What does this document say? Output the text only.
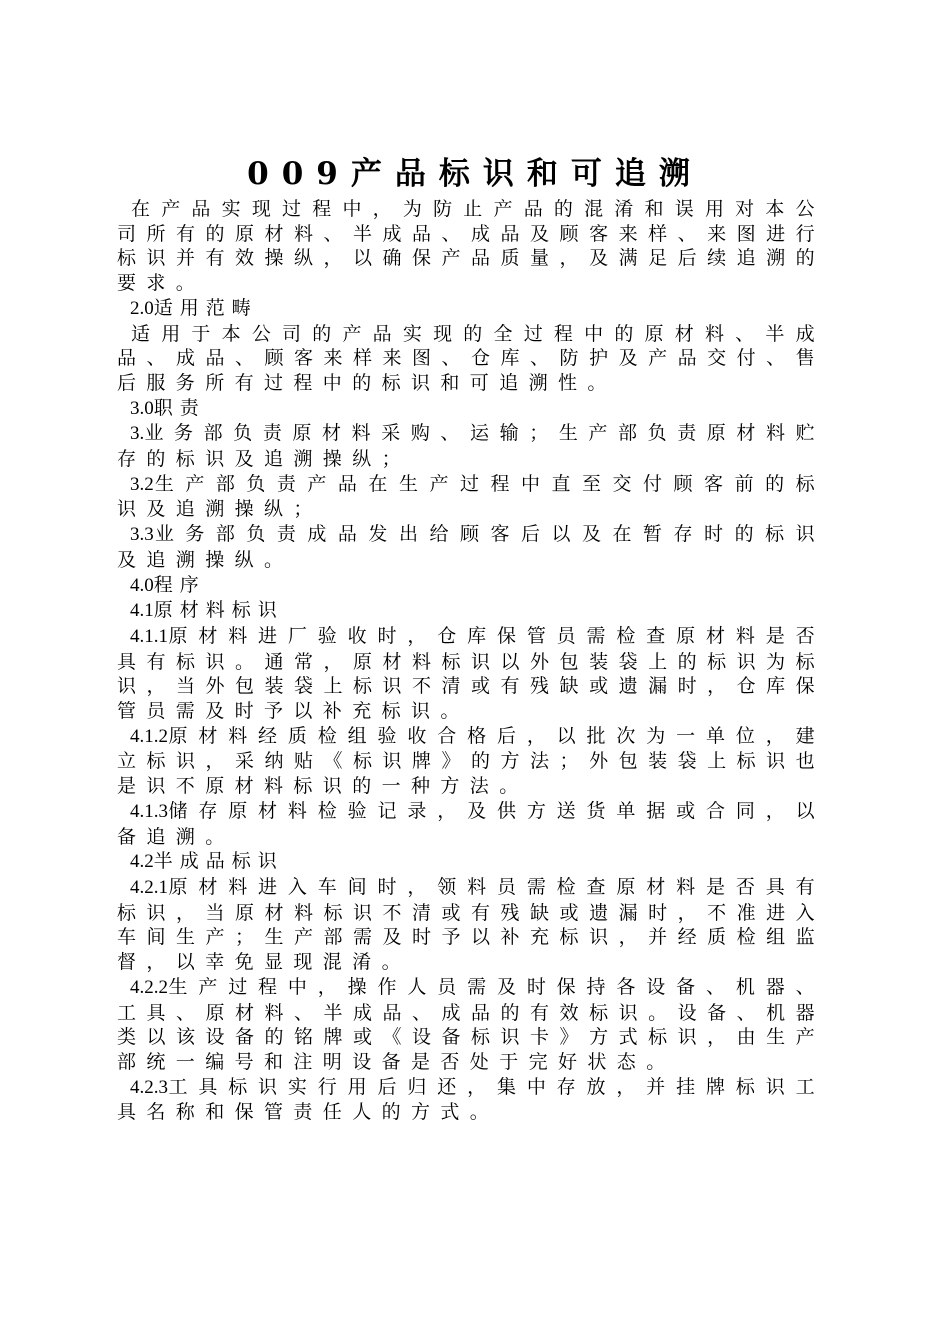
009产品标识和可追溯

在产品实现过程中，为防止产品的混淆和误用对本公司所有的原材料、半成品、成品及顾客来样、来图进行标识并有效操纵，以确保产品质量，及满足后续追溯的要求。

2.0适用范畴

适用于本公司的产品实现的全过程中的原材料、半成品、成品、顾客来样来图、仓库、防护及产品交付、售后服务所有过程中的标识和可追溯性。

3.0职责

3.业务部负责原材料采购、运输；生产部负责原材料贮存的标识及追溯操纵；

3.2生产部负责产品在生产过程中直至交付顾客前的标识及追溯操纵；

3.3业务部负责成品发出给顾客后以及在暂存时的标识及追溯操纵。

4.0程序

4.1原材料标识

4.1.1原材料进厂验收时，仓库保管员需检查原材料是否具有标识。通常，原材料标识以外包装袋上的标识为标识，当外包装袋上标识不清或有残缺或遗漏时，仓库保管员需及时予以补充标识。

4.1.2原材料经质检组验收合格后，以批次为一单位，建立标识，采纳贴《标识牌》的方法；外包装袋上标识也是识不原材料标识的一种方法。

4.1.3储存原材料检验记录，及供方送货单据或合同，以备追溯。

4.2半成品标识

4.2.1原材料进入车间时，领料员需检查原材料是否具有标识，当原材料标识不清或有残缺或遗漏时，不准进入车间生产；生产部需及时予以补充标识，并经质检组监督，以幸免显现混淆。

4.2.2生产过程中，操作人员需及时保持各设备、机器、工具、原材料、半成品、成品的有效标识。设备、机器类以该设备的铭牌或《设备标识卡》方式标识，由生产部统一编号和注明设备是否处于完好状态。

4.2.3工具标识实行用后归还，集中存放，并挂牌标识工具名称和保管责任人的方式。
